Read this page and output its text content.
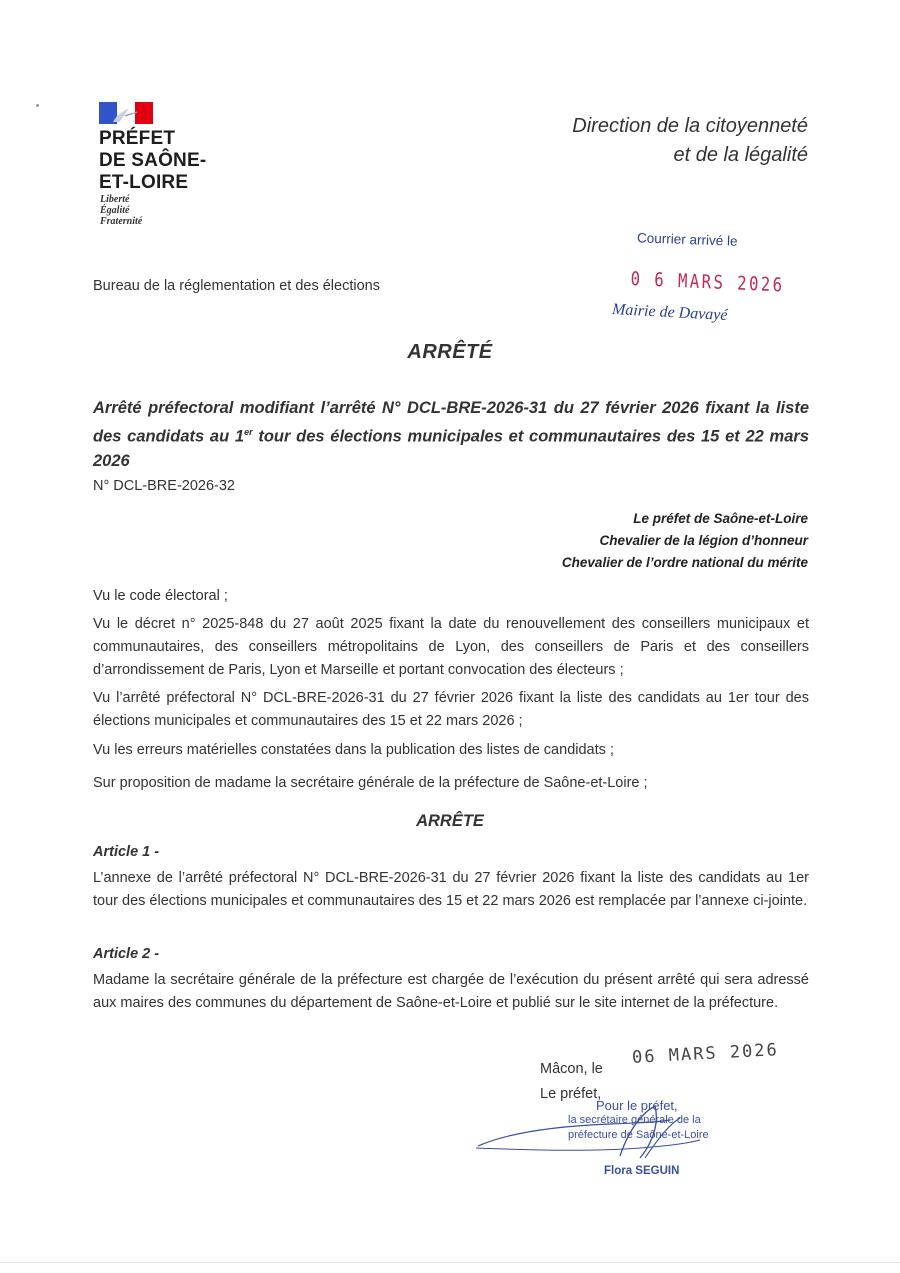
PRÉFET
DE SAÔNE-
ET-LOIRE
Liberté
Égalité
Fraternité
Direction de la citoyenneté
et de la légalité
Courrier arrivé le
0 6 MARS 2026
Mairie de Davayé
Bureau de la réglementation et des élections
ARRÊTÉ
Arrêté préfectoral modifiant l’arrêté N° DCL-BRE-2026-31 du 27 février 2026 fixant la liste des candidats au 1er tour des élections municipales et communautaires des 15 et 22 mars 2026
N° DCL-BRE-2026-32
Le préfet de Saône-et-Loire
Chevalier de la légion d’honneur
Chevalier de l’ordre national du mérite
Vu le code électoral ;
Vu le décret n° 2025-848 du 27 août 2025 fixant la date du renouvellement des conseillers municipaux et communautaires, des conseillers métropolitains de Lyon, des conseillers de Paris et des conseillers d’arrondissement de Paris, Lyon et Marseille et portant convocation des électeurs ;
Vu l’arrêté préfectoral N° DCL-BRE-2026-31 du 27 février 2026 fixant la liste des candidats au 1er tour des élections municipales et communautaires des 15 et 22 mars 2026 ;
Vu les erreurs matérielles constatées dans la publication des listes de candidats ;
Sur proposition de madame la secrétaire générale de la préfecture de Saône-et-Loire ;
ARRÊTE
Article 1 -
L’annexe de l’arrêté préfectoral N° DCL-BRE-2026-31 du 27 février 2026 fixant la liste des candidats au 1er tour des élections municipales et communautaires des 15 et 22 mars 2026 est remplacée par l’annexe ci-jointe.
Article 2 -
Madame la secrétaire générale de la préfecture est chargée de l’exécution du présent arrêté qui sera adressé aux maires des communes du département de Saône-et-Loire et publié sur le site internet de la préfecture.
06 MARS 2026
Mâcon, le
Le préfet,
Pour le préfet,
la secrétaire générale de la
préfecture de Saône-et-Loire
Flora SEGUIN
